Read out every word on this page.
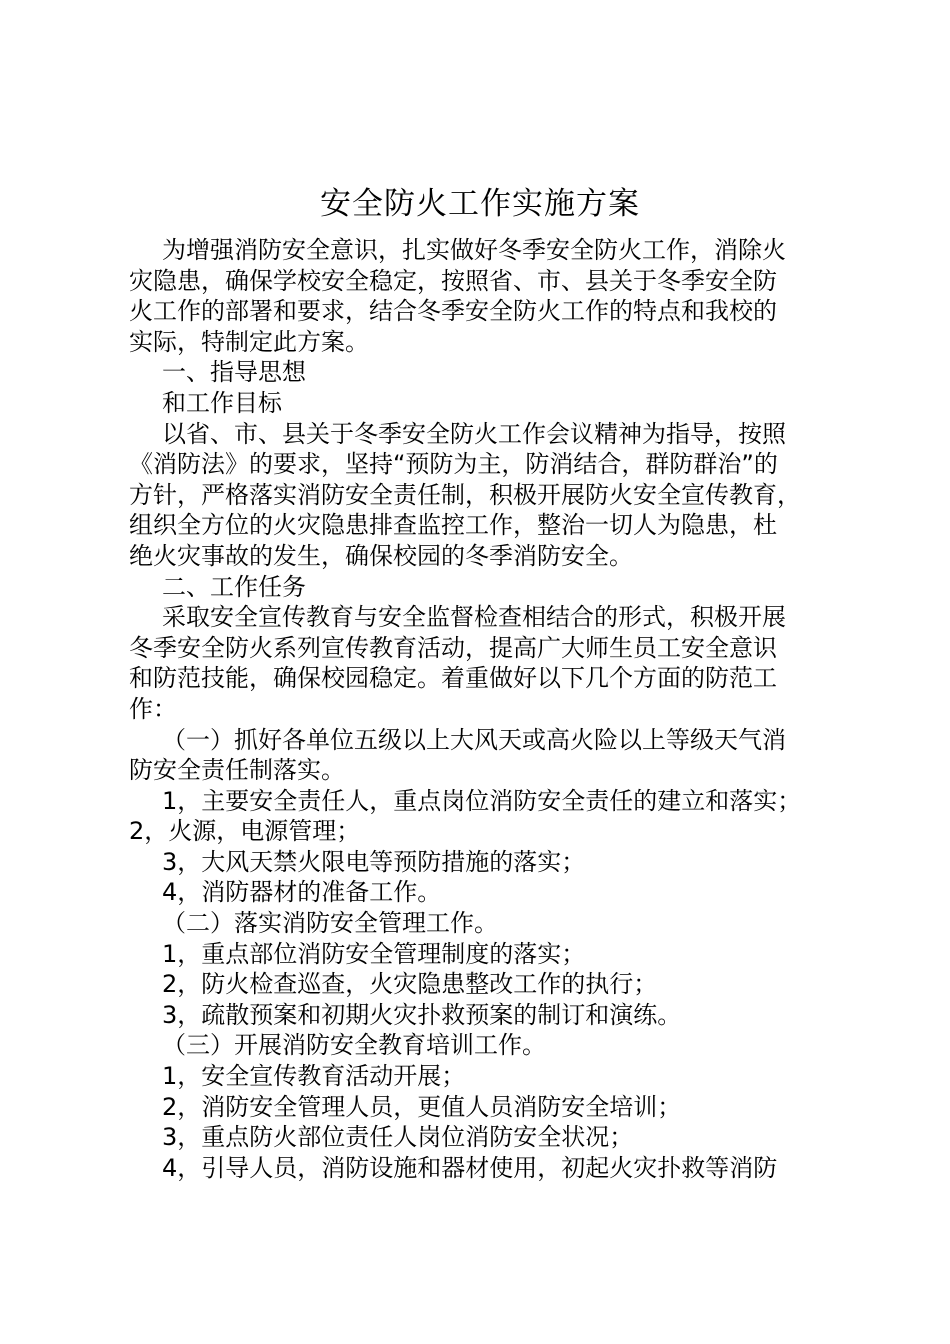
安全防火工作实施方案
为增强消防安全意识，扎实做好冬季安全防火工作，消除火
灾隐患，确保学校安全稳定，按照省、市、县关于冬季安全防
火工作的部署和要求，结合冬季安全防火工作的特点和我校的
实际，特制定此方案。
一、指导思想
和工作目标
以省、市、县关于冬季安全防火工作会议精神为指导，按照
《消防法》的要求，坚持“预防为主，防消结合，群防群治”的
方针，严格落实消防安全责任制，积极开展防火安全宣传教育，
组织全方位的火灾隐患排查监控工作，整治一切人为隐患，杜
绝火灾事故的发生，确保校园的冬季消防安全。
二、工作任务
采取安全宣传教育与安全监督检查相结合的形式，积极开展
冬季安全防火系列宣传教育活动，提高广大师生员工安全意识
和防范技能，确保校园稳定。着重做好以下几个方面的防范工
作：
（一）抓好各单位五级以上大风天或高火险以上等级天气消
防安全责任制落实。
1，主要安全责任人，重点岗位消防安全责任的建立和落实；
2，火源，电源管理；
3，大风天禁火限电等预防措施的落实；
4，消防器材的准备工作。
（二）落实消防安全管理工作。
1，重点部位消防安全管理制度的落实；
2，防火检查巡查，火灾隐患整改工作的执行；
3，疏散预案和初期火灾扑救预案的制订和演练。
（三）开展消防安全教育培训工作。
1，安全宣传教育活动开展；
2，消防安全管理人员，更值人员消防安全培训；
3，重点防火部位责任人岗位消防安全状况；
4，引导人员，消防设施和器材使用，初起火灾扑救等消防
